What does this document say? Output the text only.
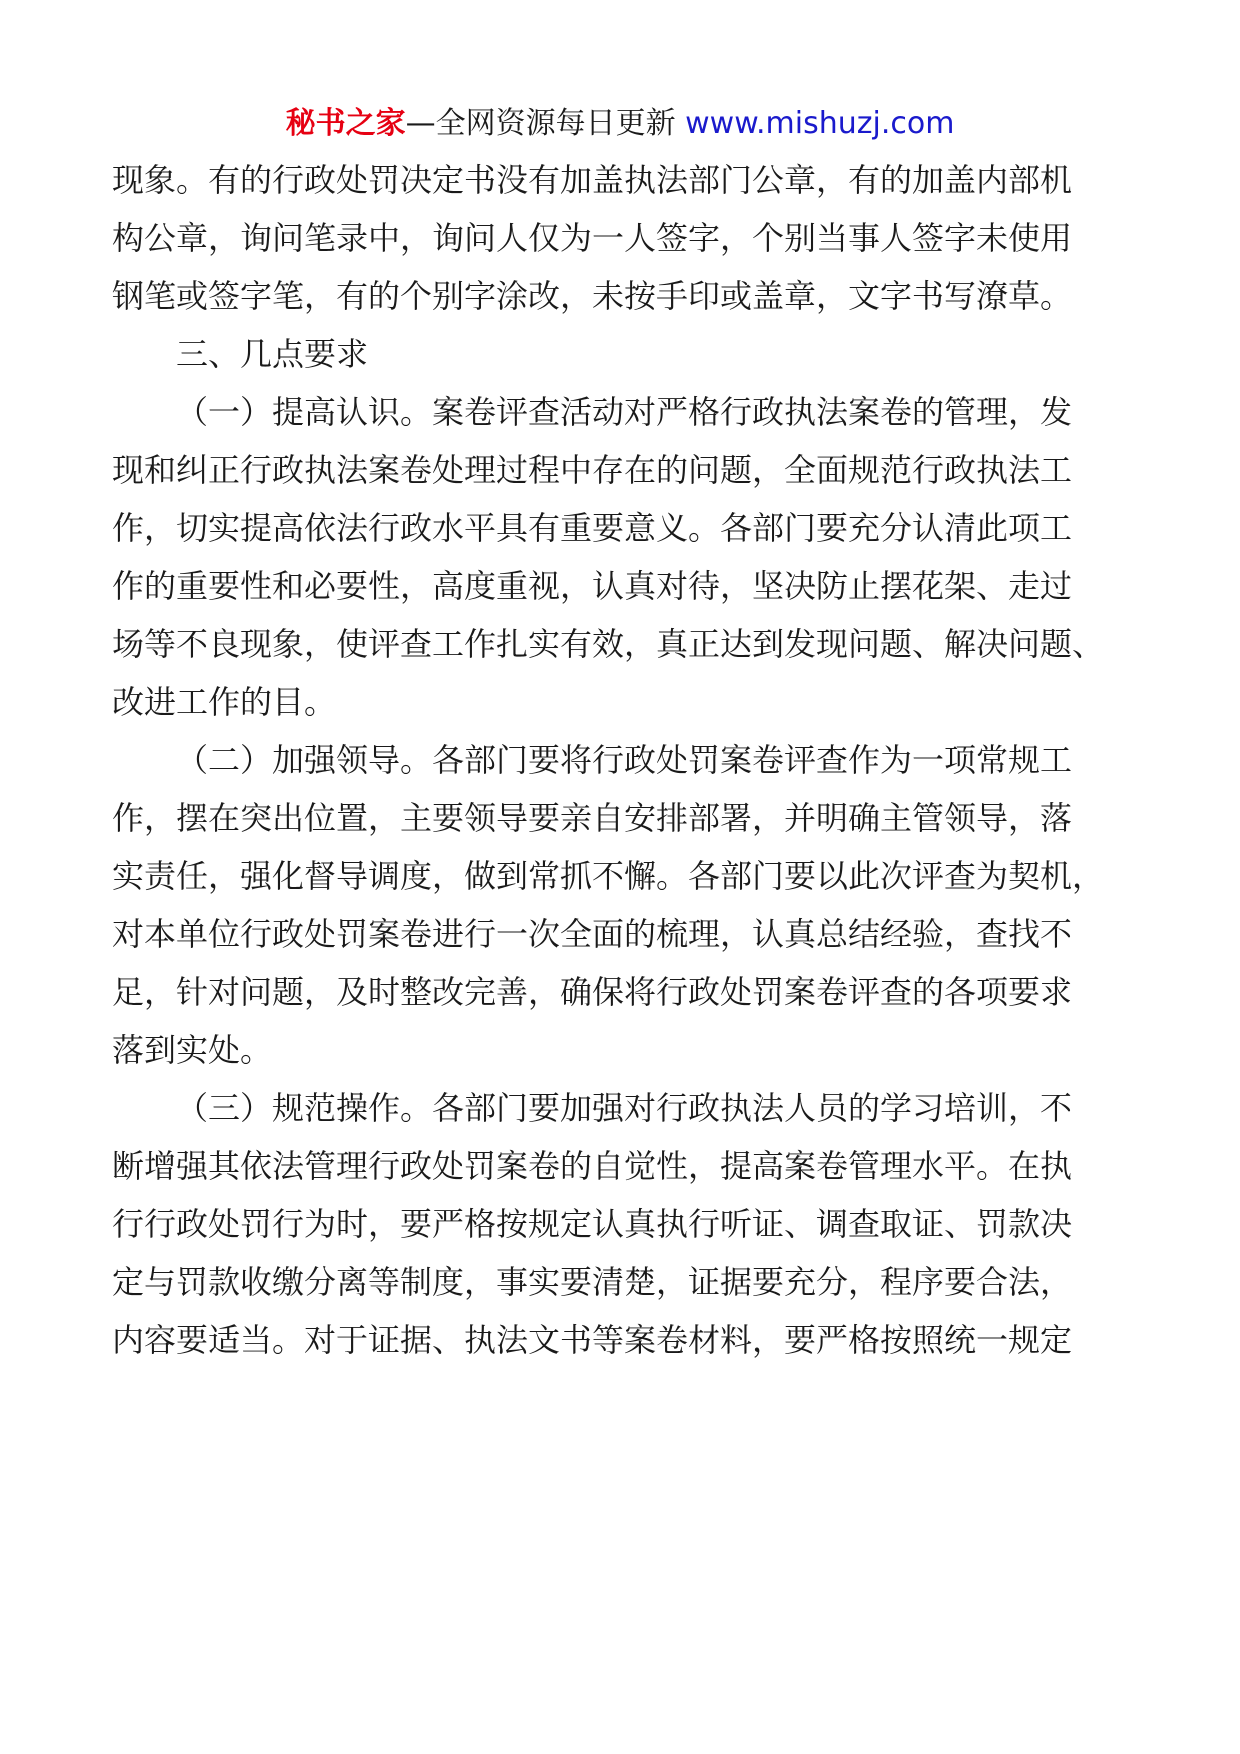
秘书之家—全网资源每日更新 www.mishuzj.com
现象。有的行政处罚决定书没有加盖执法部门公章，有的加盖内部机
构公章，询问笔录中，询问人仅为一人签字，个别当事人签字未使用
钢笔或签字笔，有的个别字涂改，未按手印或盖章，文字书写潦草。
三、几点要求
（一）提高认识。案卷评查活动对严格行政执法案卷的管理，发
现和纠正行政执法案卷处理过程中存在的问题，全面规范行政执法工
作，切实提高依法行政水平具有重要意义。各部门要充分认清此项工
作的重要性和必要性，高度重视，认真对待，坚决防止摆花架、走过
场等不良现象，使评查工作扎实有效，真正达到发现问题、解决问题、
改进工作的目。
（二）加强领导。各部门要将行政处罚案卷评查作为一项常规工
作，摆在突出位置，主要领导要亲自安排部署，并明确主管领导，落
实责任，强化督导调度，做到常抓不懈。各部门要以此次评查为契机，
对本单位行政处罚案卷进行一次全面的梳理，认真总结经验，查找不
足，针对问题，及时整改完善，确保将行政处罚案卷评查的各项要求
落到实处。
（三）规范操作。各部门要加强对行政执法人员的学习培训，不
断增强其依法管理行政处罚案卷的自觉性，提高案卷管理水平。在执
行行政处罚行为时，要严格按规定认真执行听证、调查取证、罚款决
定与罚款收缴分离等制度，事实要清楚，证据要充分，程序要合法，
内容要适当。对于证据、执法文书等案卷材料，要严格按照统一规定
